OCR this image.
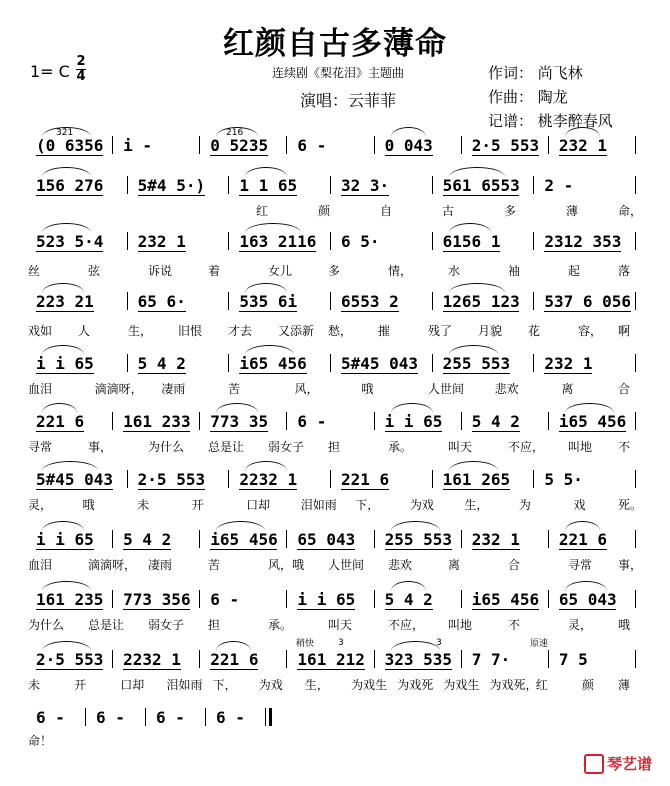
红颜自古多薄命
1= C
2
4	连续剧《梨花泪》主题曲
演唱：云菲菲
作词： 尚飞林
作曲： 陶龙
记谱： 桃李醉春风
(0 6356 i -	0 5235 6 -	0 043 2·5 553 232 1
156 276 5#4 5·) 1 1 65	32 3·	561 6553 2 -
523 5·4 232 1	163 2116 6 5·	6156 1	2312 353
223 21	65 6·	535 6i	6553 2	1265 123 537 6 056
i i 65	5 4 2	i65 456 5#45 043 255 553 232 1
221 6 161 233 773 35 6 -	i i 65 5 4 2 i65 456
5#45 043 2·5 553 2232 1	221 6	161 265 5 5·
i i 65 5 4 2 i65 456 65 043 255 553 232 1 221 6
161 235 773 356 6 -	i i 65 5 4 2 i65 456 65 043
2·5 553 2232 1 221 6 161 212 323 535 7 7·	7 5
6 - 6 - 6 - 6 -
琴艺谱
3̇2̇1	2̇16
稍快	原速
3	3
红	颜	自	古	多	薄	命，
丝	弦	诉说	着	女儿	多	情，	水	袖	起	落
戏如 人	生， 旧恨 才去 又添新 愁， 摧	残了 月貌 花	容， 啊
血泪	滴滴呀， 凄雨	苦	风，	哦	人世间	悲欢	离	合
寻常	事，	为什么 总是让 弱女子 担	承。	叫天	不应， 叫地 不
灵，	哦	未	开	口却	泪如雨 下，	为戏	生，	为	戏	死。
血泪	滴滴呀， 凄雨	苦	风，哦 人世间 悲欢	离	合	寻常 事，
为什么 总是让 弱女子 担	承。	叫天	不应， 叫地	不	灵， 哦
未	开	口却 泪如雨 下， 为戏 生， 为戏生 为戏死 为戏生 为戏死，
红	颜 薄
命！
